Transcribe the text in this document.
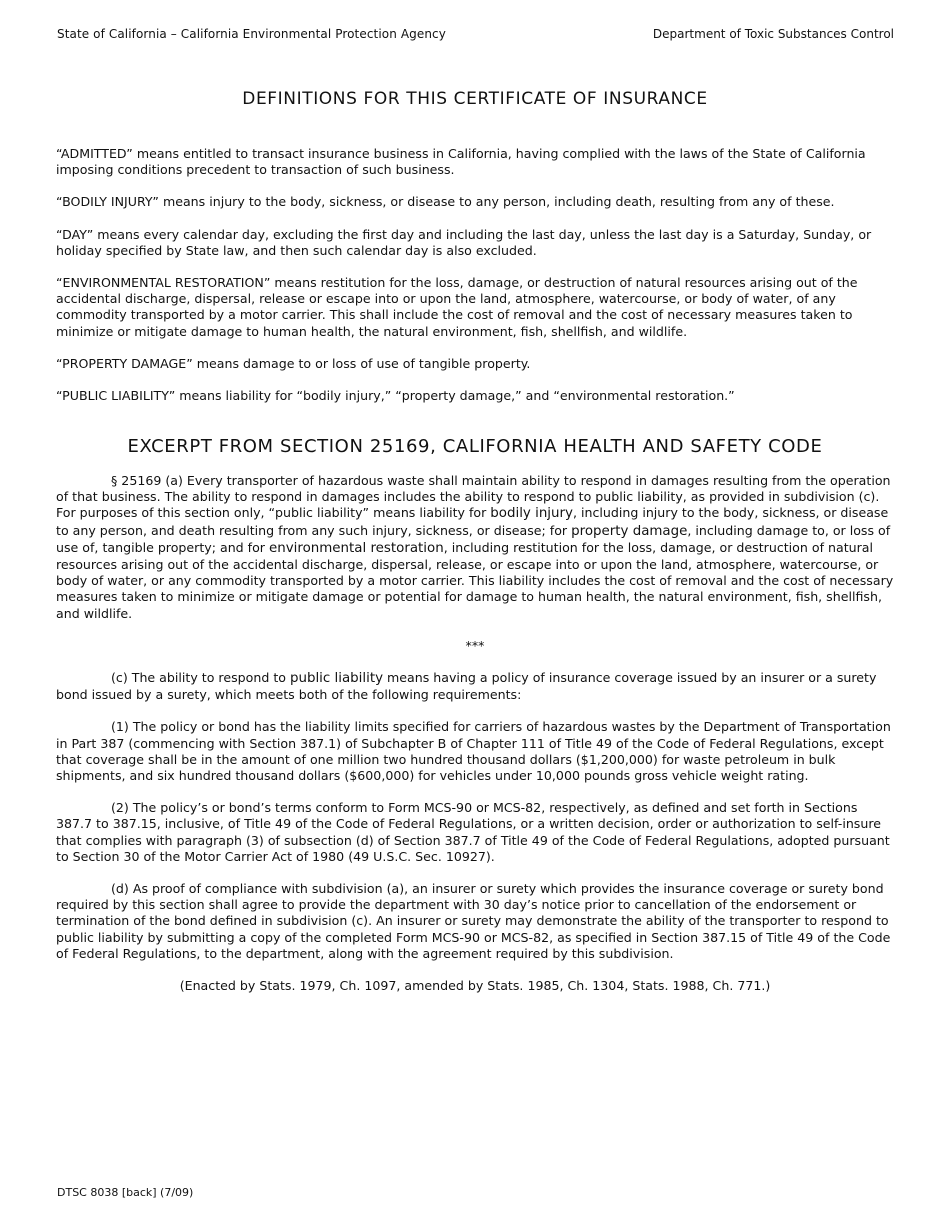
State of California – California Environmental Protection Agency	Department of Toxic Substances Control
DEFINITIONS FOR THIS CERTIFICATE OF INSURANCE

“ADMITTED” means entitled to transact insurance business in California, having complied with the laws of the State of California imposing conditions precedent to transaction of such business.

“BODILY INJURY” means injury to the body, sickness, or disease to any person, including death, resulting from any of these.

“DAY” means every calendar day, excluding the first day and including the last day, unless the last day is a Saturday, Sunday, or holiday specified by State law, and then such calendar day is also excluded.

“ENVIRONMENTAL RESTORATION” means restitution for the loss, damage, or destruction of natural resources arising out of the accidental discharge, dispersal, release or escape into or upon the land, atmosphere, watercourse, or body of water, of any commodity transported by a motor carrier. This shall include the cost of removal and the cost of necessary measures taken to minimize or mitigate damage to human health, the natural environment, fish, shellfish, and wildlife.

“PROPERTY DAMAGE” means damage to or loss of use of tangible property.

“PUBLIC LIABILITY” means liability for “bodily injury,” “property damage,” and “environmental restoration.”

EXCERPT FROM SECTION 25169, CALIFORNIA HEALTH AND SAFETY CODE

§ 25169 (a) Every transporter of hazardous waste shall maintain ability to respond in damages resulting from the operation of that business. The ability to respond in damages includes the ability to respond to public liability, as provided in subdivision (c). For purposes of this section only, “public liability” means liability for bodily injury, including injury to the body, sickness, or disease to any person, and death resulting from any such injury, sickness, or disease; for property damage, including damage to, or loss of use of, tangible property; and for environmental restoration, including restitution for the loss, damage, or destruction of natural resources arising out of the accidental discharge, dispersal, release, or escape into or upon the land, atmosphere, watercourse, or body of water, or any commodity transported by a motor carrier. This liability includes the cost of removal and the cost of necessary measures taken to minimize or mitigate damage or potential for damage to human health, the natural environment, fish, shellfish, and wildlife.

***

(c) The ability to respond to public liability means having a policy of insurance coverage issued by an insurer or a surety bond issued by a surety, which meets both of the following requirements:

(1) The policy or bond has the liability limits specified for carriers of hazardous wastes by the Department of Transportation in Part 387 (commencing with Section 387.1) of Subchapter B of Chapter 111 of Title 49 of the Code of Federal Regulations, except that coverage shall be in the amount of one million two hundred thousand dollars ($1,200,000) for waste petroleum in bulk shipments, and six hundred thousand dollars ($600,000) for vehicles under 10,000 pounds gross vehicle weight rating.

(2) The policy’s or bond’s terms conform to Form MCS-90 or MCS-82, respectively, as defined and set forth in Sections 387.7 to 387.15, inclusive, of Title 49 of the Code of Federal Regulations, or a written decision, order or authorization to self-insure that complies with paragraph (3) of subsection (d) of Section 387.7 of Title 49 of the Code of Federal Regulations, adopted pursuant to Section 30 of the Motor Carrier Act of 1980 (49 U.S.C. Sec. 10927).

(d) As proof of compliance with subdivision (a), an insurer or surety which provides the insurance coverage or surety bond required by this section shall agree to provide the department with 30 day’s notice prior to cancellation of the endorsement or termination of the bond defined in subdivision (c). An insurer or surety may demonstrate the ability of the transporter to respond to public liability by submitting a copy of the completed Form MCS-90 or MCS-82, as specified in Section 387.15 of Title 49 of the Code of Federal Regulations, to the department, along with the agreement required by this subdivision.

(Enacted by Stats. 1979, Ch. 1097, amended by Stats. 1985, Ch. 1304, Stats. 1988, Ch. 771.)

DTSC 8038 [back] (7/09)
